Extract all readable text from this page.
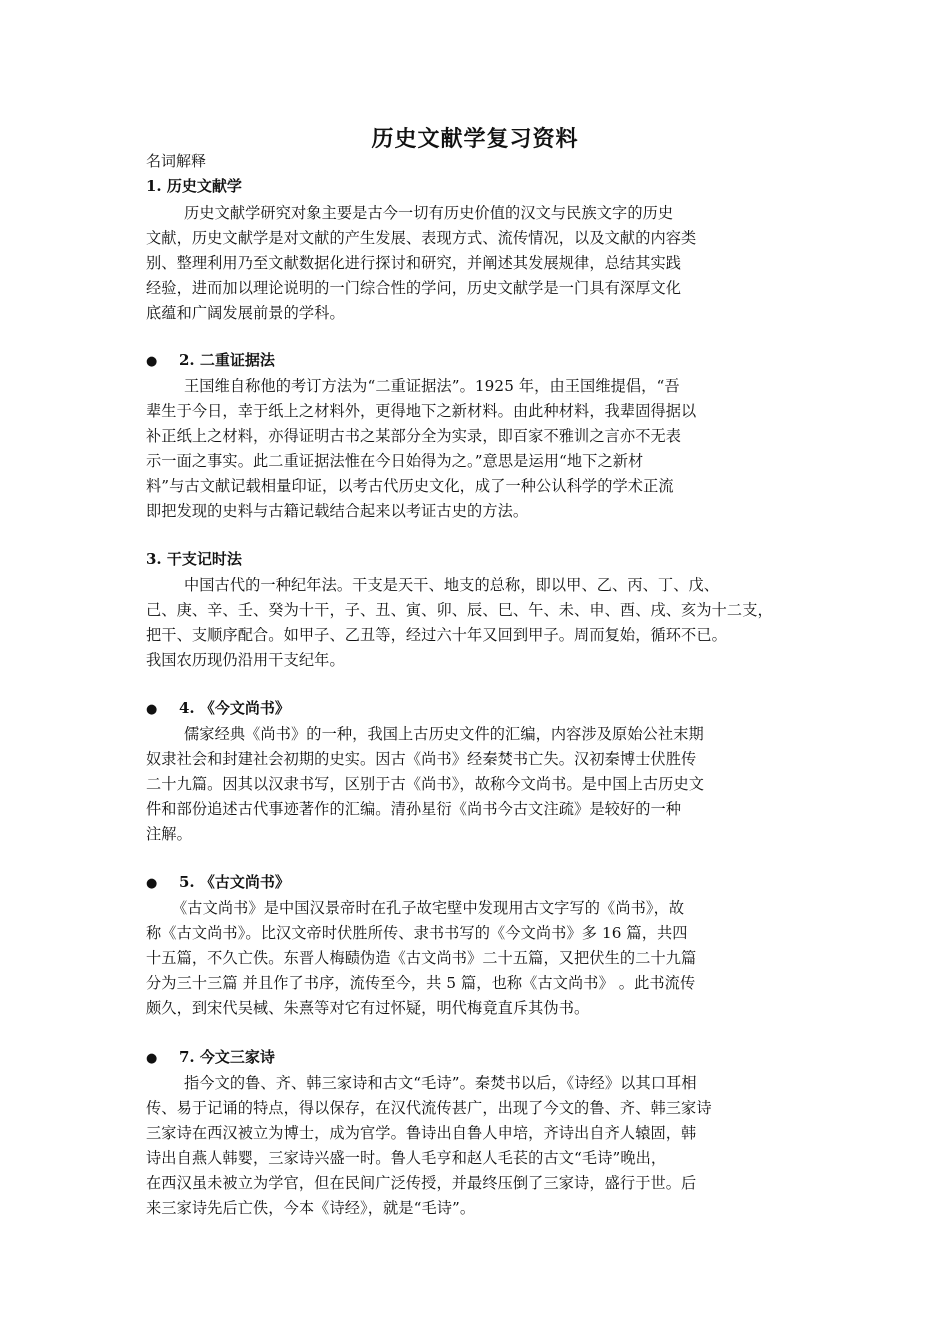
历史文献学复习资料
名词解释
1. 历史文献学
历史文献学研究对象主要是古今一切有历史价值的汉文与民族文字的历史
文献，历史文献学是对文献的产生发展、表现方式、流传情况，以及文献的内容类
别、整理利用乃至文献数据化进行探讨和研究，并阐述其发展规律，总结其实践
经验，进而加以理论说明的一门综合性的学问，历史文献学是一门具有深厚文化
底蕴和广阔发展前景的学科。
● 2. 二重证据法
王国维自称他的考订方法为“二重证据法”。1925 年，由王国维提倡，“吾
辈生于今日，幸于纸上之材料外，更得地下之新材料。由此种材料，我辈固得据以
补正纸上之材料，亦得证明古书之某部分全为实录，即百家不雅训之言亦不无表
示一面之事实。此二重证据法惟在今日始得为之。”意思是运用“地下之新材
料”与古文献记载相量印证，以考古代历史文化，成了一种公认科学的学术正流
即把发现的史料与古籍记载结合起来以考证古史的方法。
3. 干支记时法
中国古代的一种纪年法。干支是天干、地支的总称，即以甲、乙、丙、丁、戊、
己、庚、辛、壬、癸为十干，子、丑、寅、卯、辰、巳、午、未、申、酉、戌、亥为十二支，
把干、支顺序配合。如甲子、乙丑等，经过六十年又回到甲子。周而复始，循环不已。
我国农历现仍沿用干支纪年。
● 4. 《今文尚书》
儒家经典《尚书》的一种，我国上古历史文件的汇编，内容涉及原始公社末期
奴隶社会和封建社会初期的史实。因古《尚书》经秦焚书亡失。汉初秦博士伏胜传
二十九篇。因其以汉隶书写，区别于古《尚书》，故称今文尚书。是中国上古历史文
件和部份追述古代事迹著作的汇编。清孙星衍《尚书今古文注疏》是较好的一种
注解。
● 5. 《古文尚书》
《古文尚书》是中国汉景帝时在孔子故宅壁中发现用古文字写的《尚书》，故
称《古文尚书》。比汉文帝时伏胜所传、隶书书写的《今文尚书》多 16 篇，共四
十五篇，不久亡佚。东晋人梅赜伪造《古文尚书》二十五篇，又把伏生的二十九篇
分为三十三篇 并且作了书序，流传至今，共 5 篇，也称《古文尚书》 。此书流传
颇久，到宋代吴棫、朱熹等对它有过怀疑，明代梅竟直斥其伪书。
● 7. 今文三家诗
指今文的鲁、齐、韩三家诗和古文“毛诗”。秦焚书以后，《诗经》以其口耳相
传、易于记诵的特点，得以保存，在汉代流传甚广，出现了今文的鲁、齐、韩三家诗
三家诗在西汉被立为博士，成为官学。鲁诗出自鲁人申培，齐诗出自齐人辕固，韩
诗出自燕人韩婴，三家诗兴盛一时。鲁人毛亨和赵人毛苌的古文“毛诗”晚出，
在西汉虽未被立为学官，但在民间广泛传授，并最终压倒了三家诗，盛行于世。后
来三家诗先后亡佚，今本《诗经》，就是“毛诗”。
